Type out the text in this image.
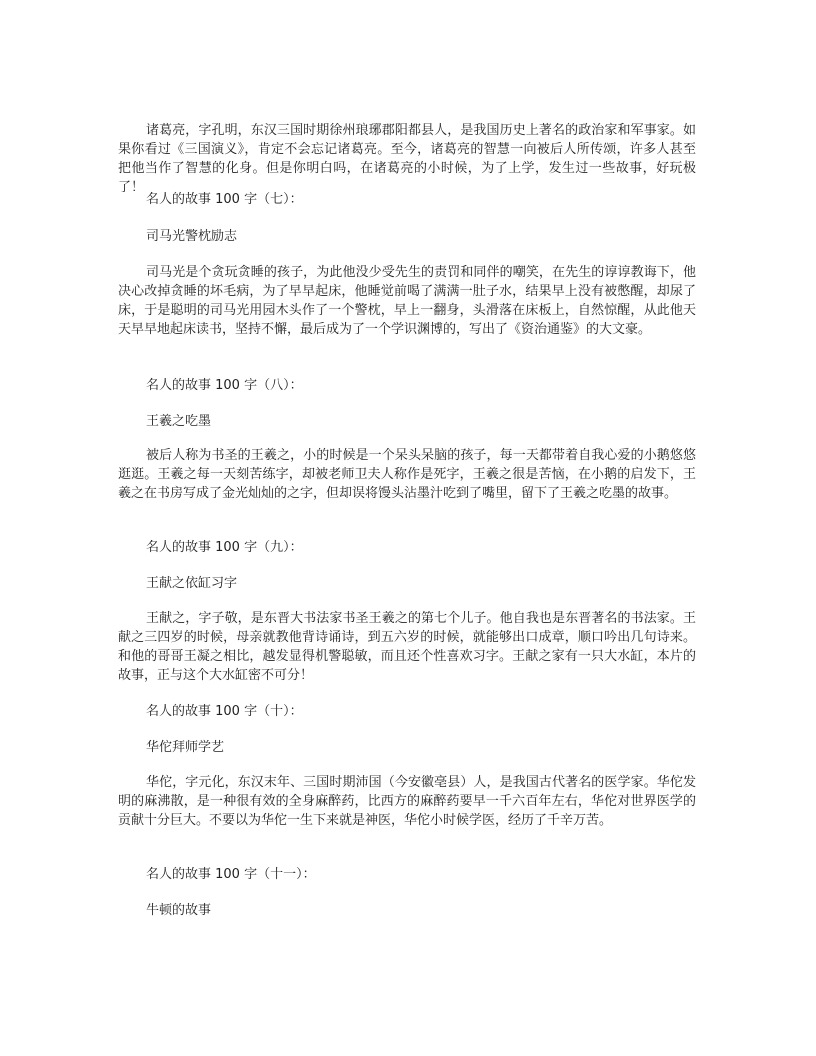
诸葛亮，字孔明，东汉三国时期徐州琅琊郡阳都县人，是我国历史上著名的政治家和军事家。如果你看过《三国演义》，肯定不会忘记诸葛亮。至今，诸葛亮的智慧一向被后人所传颂，许多人甚至把他当作了智慧的化身。但是你明白吗，在诸葛亮的小时候，为了上学，发生过一些故事，好玩极了！

名人的故事 100 字（七）：

司马光警枕励志

司马光是个贪玩贪睡的孩子，为此他没少受先生的责罚和同伴的嘲笑，在先生的谆谆教诲下，他决心改掉贪睡的坏毛病，为了早早起床，他睡觉前喝了满满一肚子水，结果早上没有被憋醒，却尿了床，于是聪明的司马光用园木头作了一个警枕，早上一翻身，头滑落在床板上，自然惊醒，从此他天天早早地起床读书，坚持不懈，最后成为了一个学识渊博的，写出了《资治通鉴》的大文豪。

名人的故事 100 字（八）：

王羲之吃墨

被后人称为书圣的王羲之，小的时候是一个呆头呆脑的孩子，每一天都带着自我心爱的小鹅悠悠逛逛。王羲之每一天刻苦练字，却被老师卫夫人称作是死字，王羲之很是苦恼，在小鹅的启发下，王羲之在书房写成了金光灿灿的之字，但却误将馒头沾墨汁吃到了嘴里，留下了王羲之吃墨的故事。

名人的故事 100 字（九）：

王献之依缸习字

王献之，字子敬，是东晋大书法家书圣王羲之的第七个儿子。他自我也是东晋著名的书法家。王献之三四岁的时候，母亲就教他背诗诵诗，到五六岁的时候，就能够出口成章，顺口吟出几句诗来。和他的哥哥王凝之相比，越发显得机警聪敏，而且还个性喜欢习字。王献之家有一只大水缸，本片的故事，正与这个大水缸密不可分！

名人的故事 100 字（十）：

华佗拜师学艺

华佗，字元化，东汉末年、三国时期沛国（今安徽亳县）人，是我国古代著名的医学家。华佗发明的麻沸散，是一种很有效的全身麻醉药，比西方的麻醉药要早一千六百年左右，华佗对世界医学的贡献十分巨大。不要以为华佗一生下来就是神医，华佗小时候学医，经历了千辛万苦。

名人的故事 100 字（十一）：

牛顿的故事
